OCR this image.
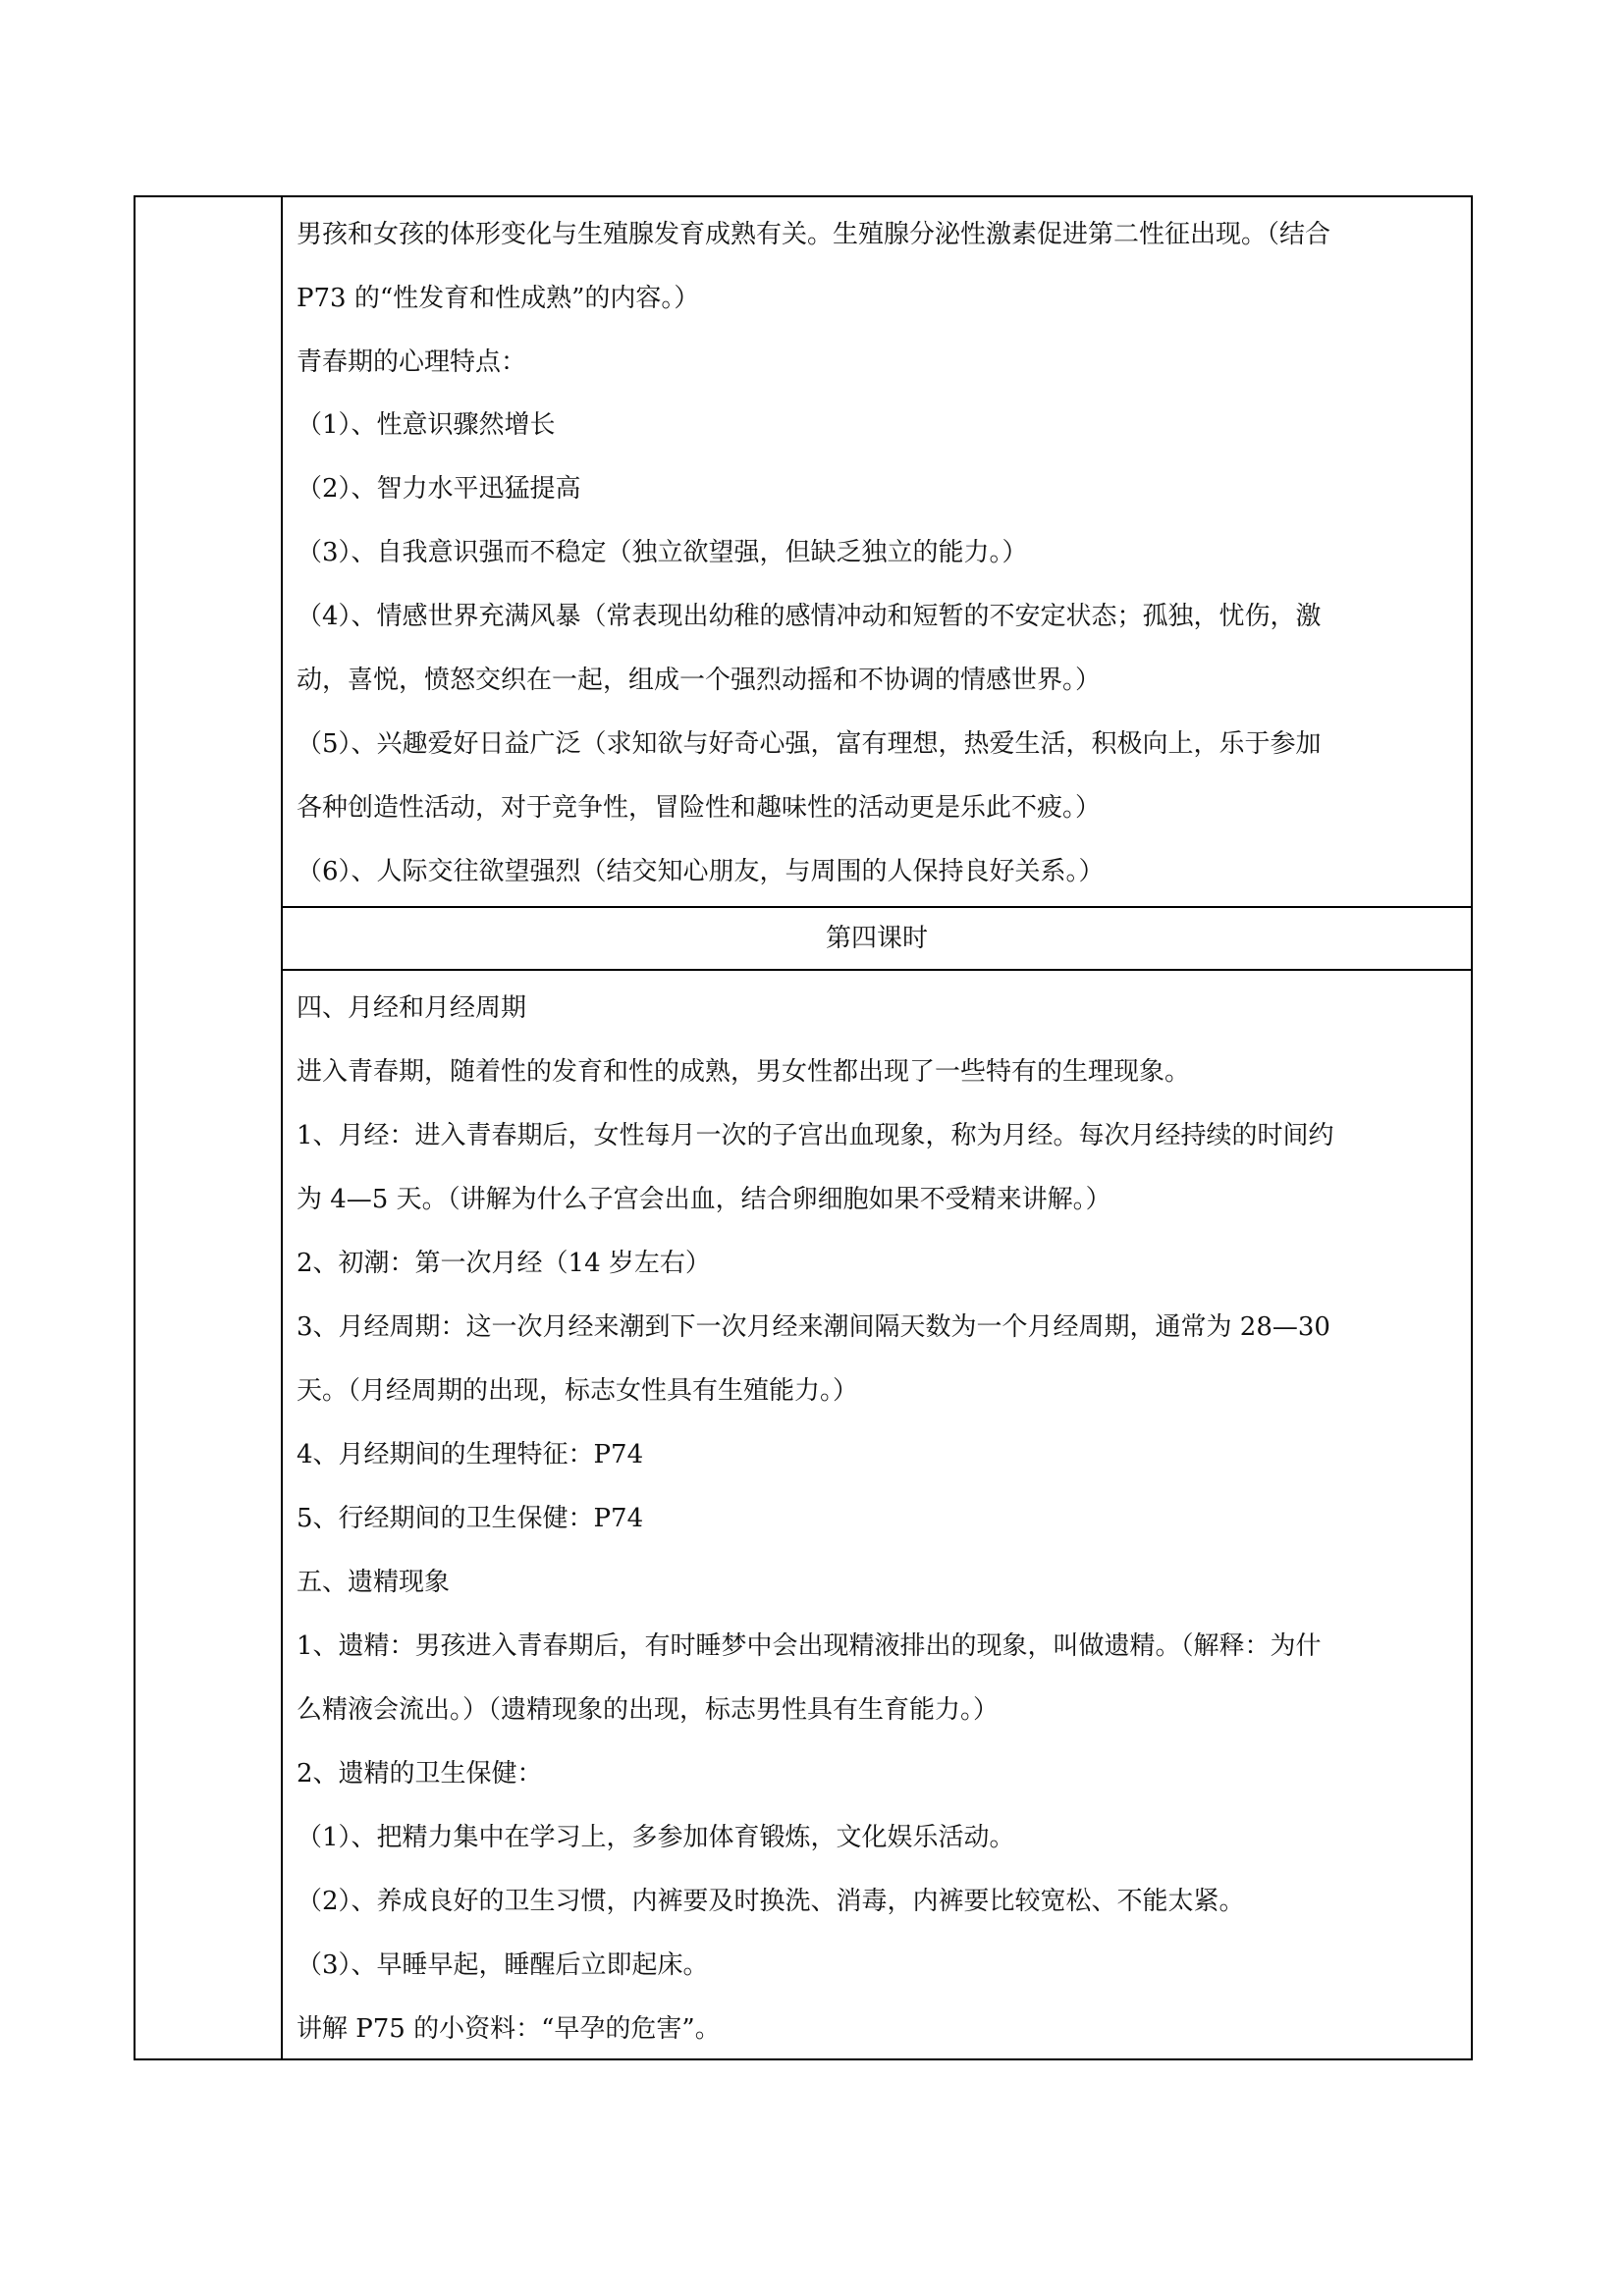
男孩和女孩的体形变化与生殖腺发育成熟有关。生殖腺分泌性激素促进第二性征出现。（结合
P73 的“性发育和性成熟”的内容。）
青春期的心理特点：
（1）、性意识骤然增长
（2）、智力水平迅猛提高
（3）、自我意识强而不稳定（独立欲望强，但缺乏独立的能力。）
（4）、情感世界充满风暴（常表现出幼稚的感情冲动和短暂的不安定状态；孤独，忧伤，激
动，喜悦，愤怒交织在一起，组成一个强烈动摇和不协调的情感世界。）
（5）、兴趣爱好日益广泛（求知欲与好奇心强，富有理想，热爱生活，积极向上，乐于参加
各种创造性活动，对于竞争性，冒险性和趣味性的活动更是乐此不疲。）
（6）、人际交往欲望强烈（结交知心朋友，与周围的人保持良好关系。）
第四课时
四、月经和月经周期
进入青春期，随着性的发育和性的成熟，男女性都出现了一些特有的生理现象。
1、月经：进入青春期后，女性每月一次的子宫出血现象，称为月经。每次月经持续的时间约
为 4—5 天。（讲解为什么子宫会出血，结合卵细胞如果不受精来讲解。）
2、初潮：第一次月经（14 岁左右）
3、月经周期：这一次月经来潮到下一次月经来潮间隔天数为一个月经周期，通常为 28—30
天。（月经周期的出现，标志女性具有生殖能力。）
4、月经期间的生理特征：P74
5、行经期间的卫生保健：P74
五、遗精现象
1、遗精：男孩进入青春期后，有时睡梦中会出现精液排出的现象，叫做遗精。（解释：为什
么精液会流出。）（遗精现象的出现，标志男性具有生育能力。）
2、遗精的卫生保健：
（1）、把精力集中在学习上，多参加体育锻炼，文化娱乐活动。
（2）、养成良好的卫生习惯，内裤要及时换洗、消毒，内裤要比较宽松、不能太紧。
（3）、早睡早起，睡醒后立即起床。
讲解 P75 的小资料：“早孕的危害”。
